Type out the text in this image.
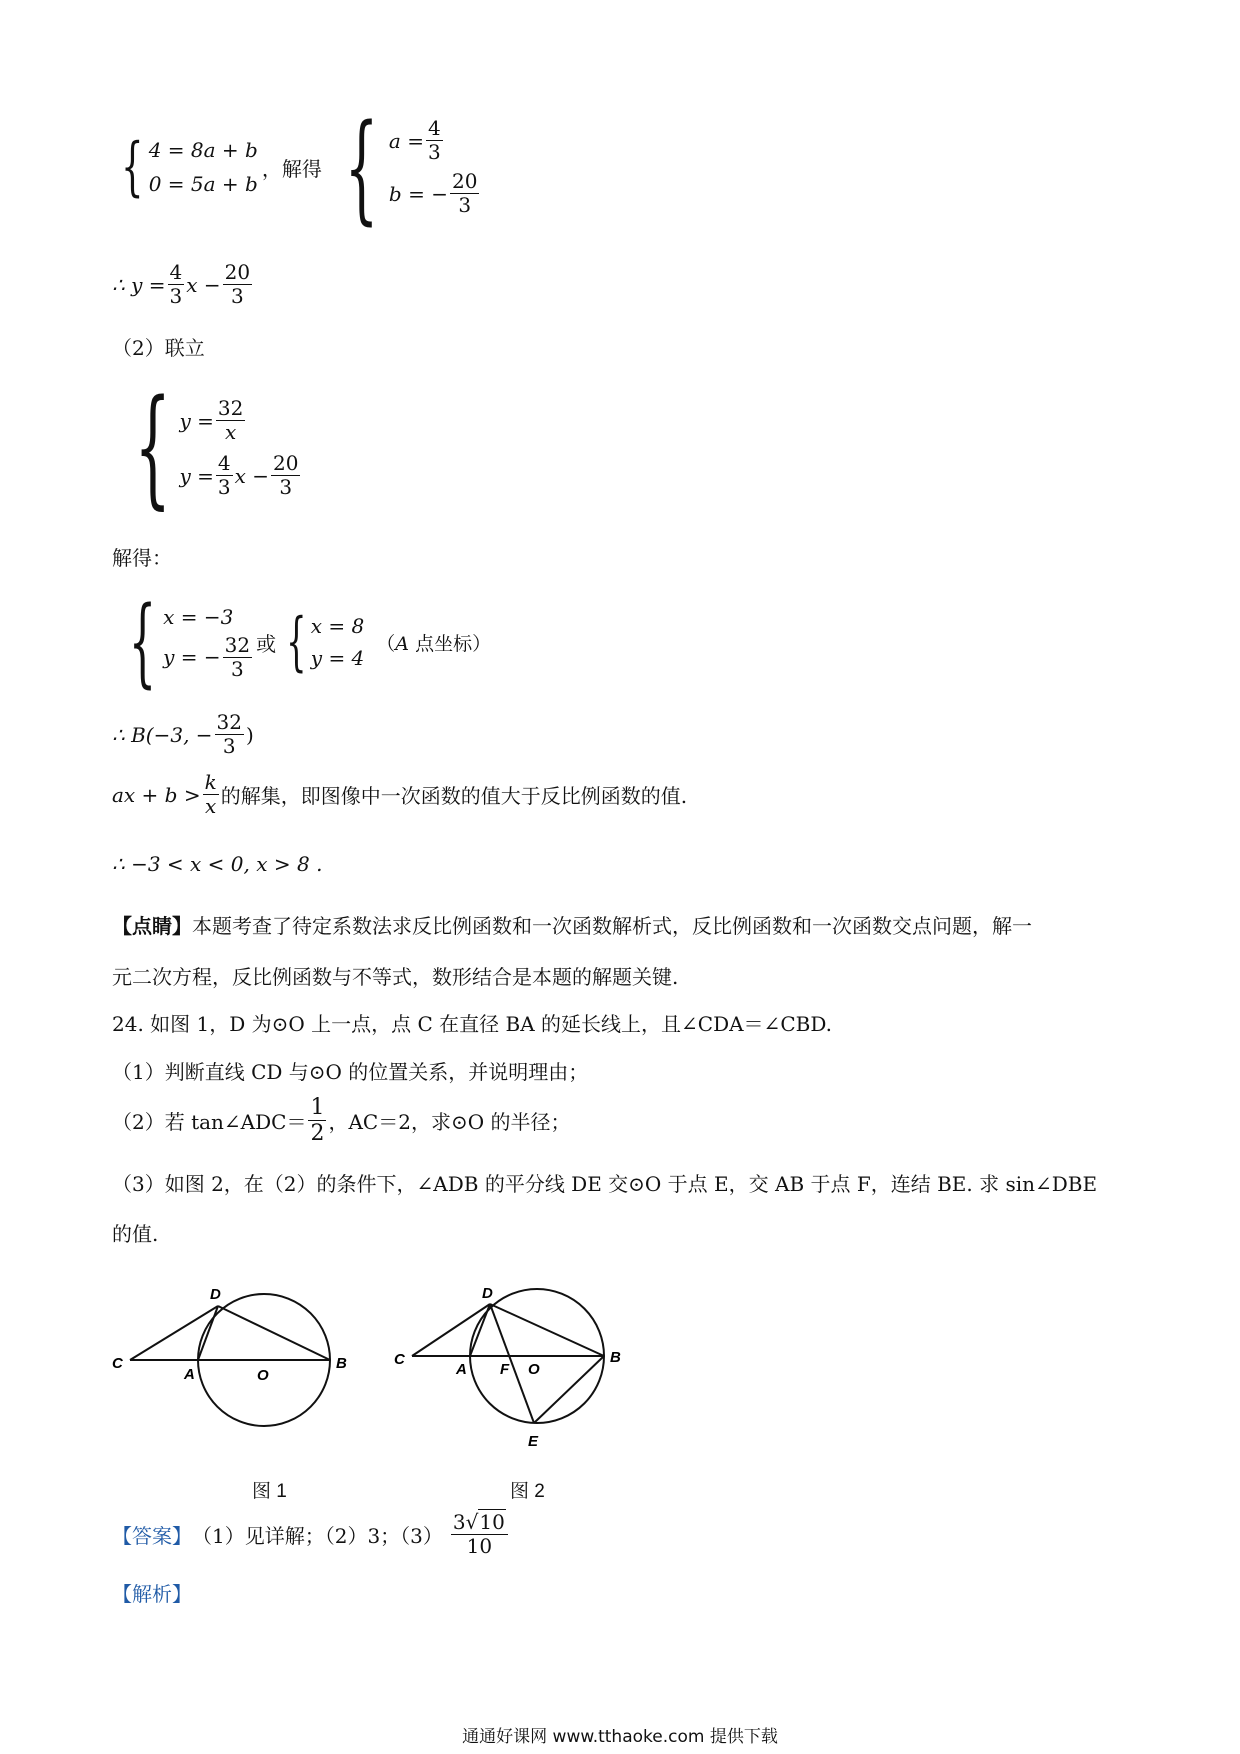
{ 4 = 8a + b
0 = 5a + b
，解得 { $a = \frac{4}{3}$
b = − $\frac{20}{3}$
∴ $y = \frac{4}{3}$ $x - \frac{20}{3}$
（2）联立
{ $y = \frac{32}{x}$
$y = \frac{4}{3}$ $x - \frac{20}{3}$
解得：
{ x = −3
y = − $\frac{32}{3}$ 或 { x = 8
y = 4
（A 点坐标）
∴ B(−3, − $\frac{32}{3}$ )
ax + $b > \frac{k}{x}$ 的解集，即图像中一次函数的值大于反比例函数的值.
∴ −3 < x < 0, x > 8 .
【点睛】 本题考查了待定系数法求反比例函数和一次函数解析式，反比例函数和一次函数交点问题，解一
元二次方程，反比例函数与不等式，数形结合是本题的解题关键.
24. 如图 1，D 为⊙O 上一点，点 C 在直径 BA 的延长线上，且∠CDA＝∠CBD.
（1）判断直线 CD 与⊙O 的位置关系，并说明理由；
（2）若 tan∠ADC＝ $\frac{1}{2}$ ，AC＝2，求⊙O 的半径；
（3）如图 2，在（2）的条件下，∠ADB 的平分线 DE 交⊙O 于点 E，交 AB 于点 F，连结 BE. 求 sin∠DBE
的值.
C
A	O
B
D
C
A F O
B
D
E
图 1	图 2
【答案】 （1）见详解；（2）3；$(3) \frac{3√10}{10}$
【解析】
通通好课网 www.tthaoke.com 提供下载
